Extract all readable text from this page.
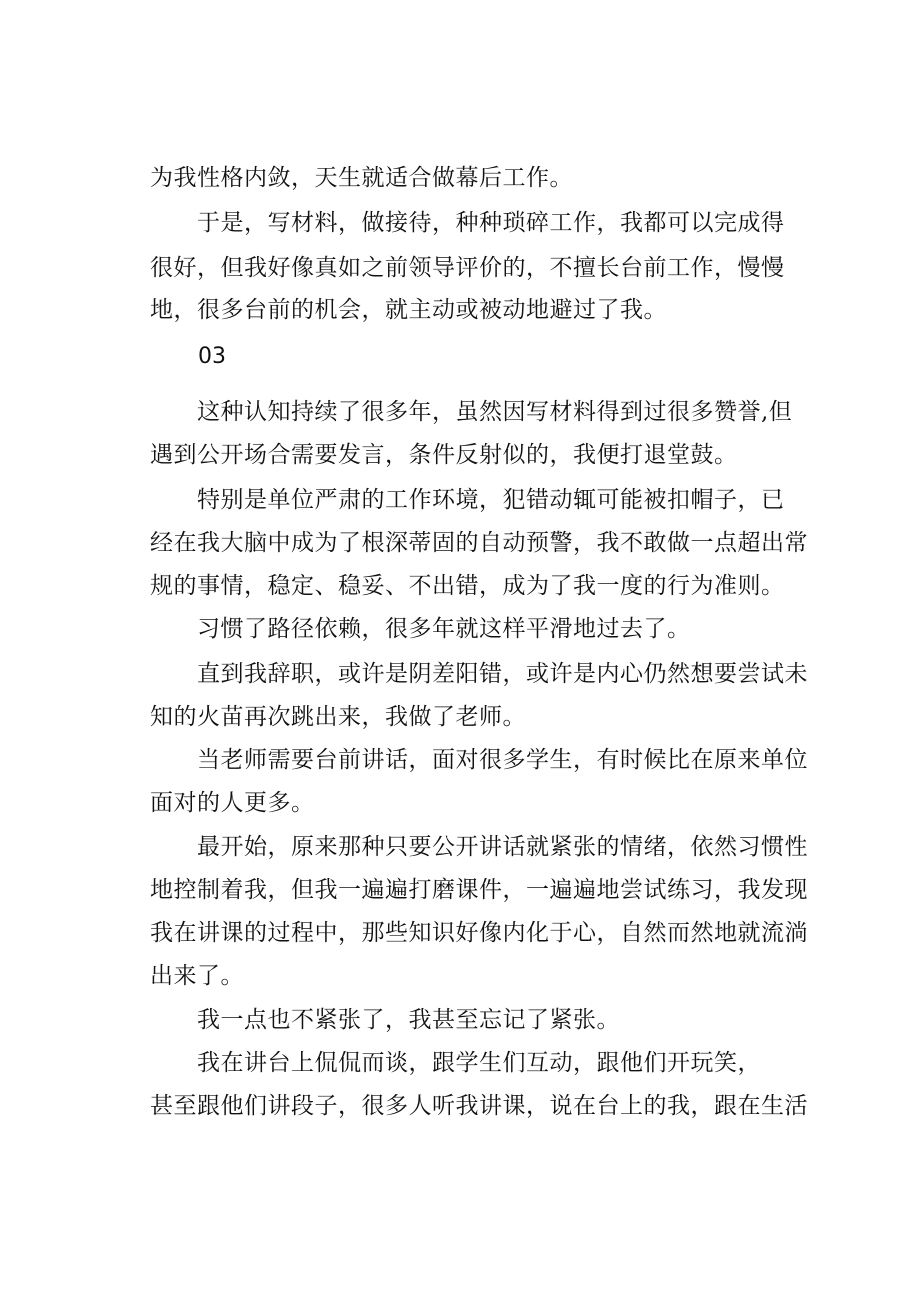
为我性格内敛，天生就适合做幕后工作。
　　于是，写材料，做接待，种种琐碎工作，我都可以完成得
很好，但我好像真如之前领导评价的，不擅长台前工作，慢慢
地，很多台前的机会，就主动或被动地避过了我。
03
　　这种认知持续了很多年，虽然因写材料得到过很多赞誉,但
遇到公开场合需要发言，条件反射似的，我便打退堂鼓。
　　特别是单位严肃的工作环境，犯错动辄可能被扣帽子，已
经在我大脑中成为了根深蒂固的自动预警，我不敢做一点超出常
规的事情，稳定、稳妥、不出错，成为了我一度的行为准则。
　　习惯了路径依赖，很多年就这样平滑地过去了。
　　直到我辞职，或许是阴差阳错，或许是内心仍然想要尝试未
知的火苗再次跳出来，我做了老师。
　　当老师需要台前讲话，面对很多学生，有时候比在原来单位
面对的人更多。
　　最开始，原来那种只要公开讲话就紧张的情绪，依然习惯性
地控制着我，但我一遍遍打磨课件，一遍遍地尝试练习，我发现
我在讲课的过程中，那些知识好像内化于心，自然而然地就流淌
出来了。
　　我一点也不紧张了，我甚至忘记了紧张。
　　我在讲台上侃侃而谈，跟学生们互动，跟他们开玩笑，
甚至跟他们讲段子，很多人听我讲课，说在台上的我，跟在生活
